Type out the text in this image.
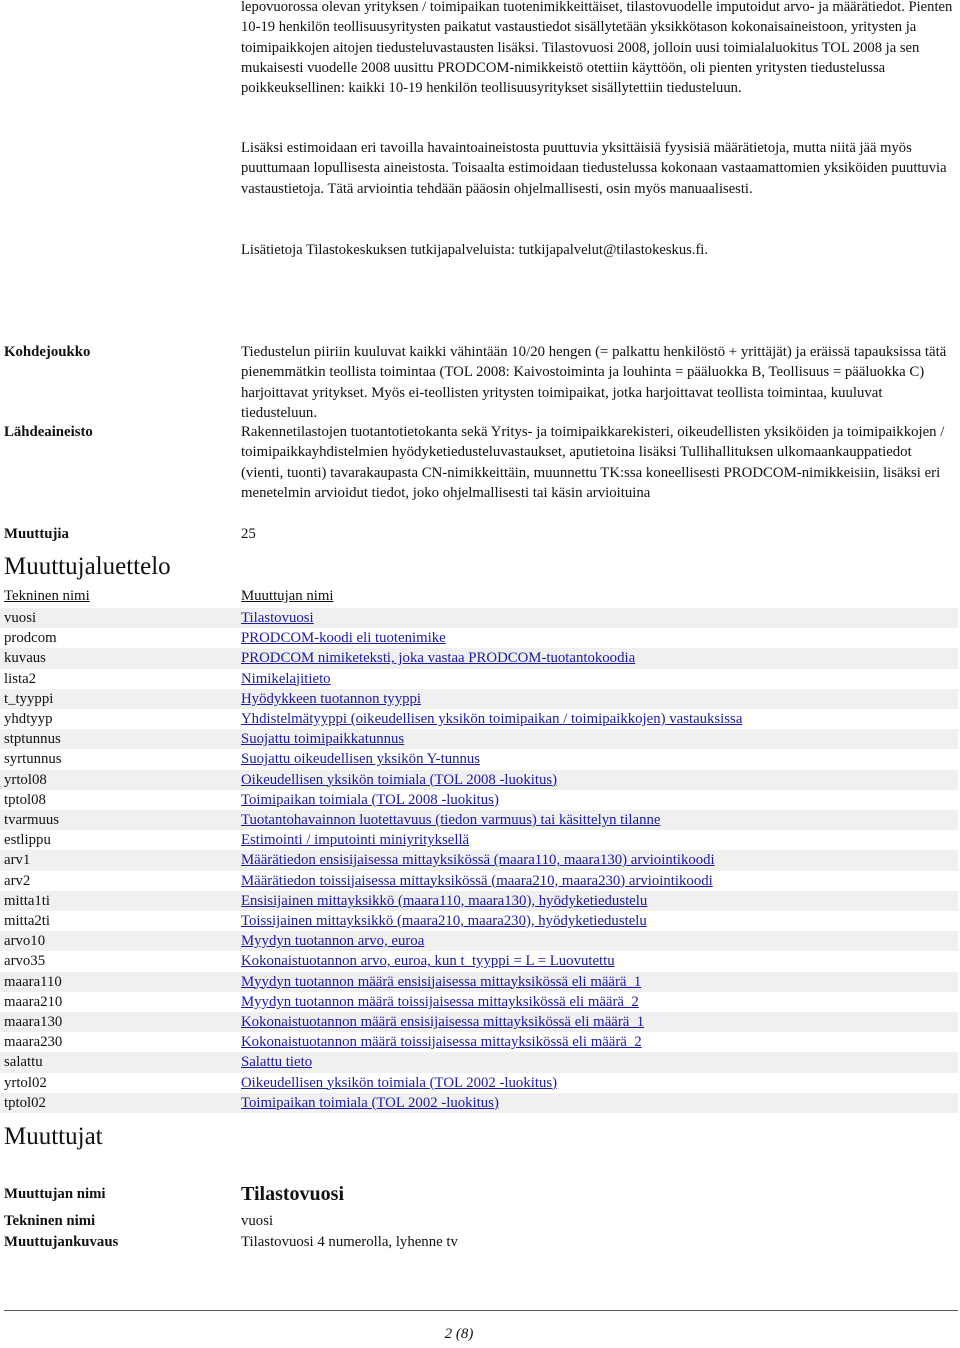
lepovuorossa olevan yrityksen / toimipaikan tuotenimikkeittäiset, tilastovuodelle imputoidut arvo- ja määrätiedot. Pienten 10-19 henkilön teollisuusyritysten paikatut vastaustiedot sisällytetään yksikkötason kokonaisaineistoon, yritysten ja toimipaikkojen aitojen tiedusteluvastausten lisäksi. Tilastovuosi 2008, jolloin uusi toimialaluokitus TOL 2008 ja sen mukaisesti vuodelle 2008 uusittu PRODCOM-nimikkeistö otettiin käyttöön, oli pienten yritysten tiedustelussa poikkeuksellinen: kaikki 10-19 henkilön teollisuusyritykset sisällytettiin tiedusteluun.

Lisäksi estimoidaan eri tavoilla havaintoaineistosta puuttuvia yksittäisiä fyysisiä määrätietoja, mutta niitä jää myös puuttumaan lopullisesta aineistosta. Toisaalta estimoidaan tiedustelussa kokonaan vastaamattomien yksiköiden puuttuvia vastaustietoja. Tätä arviointia tehdään pääosin ohjelmallisesti, osin myös manuaalisesti.

Lisätietoja Tilastokeskuksen tutkijapalveluista: tutkijapalvelut@tilastokeskus.fi.

Kohdejoukko	Tiedustelun piiriin kuuluvat kaikki vähintään 10/20 hengen (= palkattu henkilöstö + yrittäjät) ja eräissä tapauksissa tätä pienemmätkin teollista toimintaa (TOL 2008: Kaivostoiminta ja louhinta = pääluokka B, Teollisuus = pääluokka C) harjoittavat yritykset. Myös ei-teollisten yritysten toimipaikat, jotka harjoittavat teollista toimintaa, kuuluvat tiedusteluun.
Lähdeaineisto	Rakennetilastojen tuotantotietokanta sekä Yritys- ja toimipaikkarekisteri, oikeudellisten yksiköiden ja toimipaikkojen / toimipaikkayhdistelmien hyödyketiedusteluvastaukset, aputietoina lisäksi Tullihallituksen ulkomaankauppatiedot (vienti, tuonti) tavarakaupasta CN-nimikkeittäin, muunnettu TK:ssa koneellisesti PRODCOM-nimikkeisiin, lisäksi eri menetelmin arvioidut tiedot, joko ohjelmallisesti tai käsin arvioituina
Muuttujia	25
Muuttujaluettelo
Tekninen nimi	Muuttujan nimi
vuosi	Tilastovuosi
prodcom	PRODCOM-koodi eli tuotenimike
kuvaus	PRODCOM nimiketeksti, joka vastaa PRODCOM-tuotantokoodia
lista2	Nimikelajitieto
t_tyyppi	Hyödykkeen tuotannon tyyppi
yhdtyyp	Yhdistelmätyyppi (oikeudellisen yksikön toimipaikan / toimipaikkojen) vastauksissa
stptunnus	Suojattu toimipaikkatunnus
syrtunnus	Suojattu oikeudellisen yksikön Y-tunnus
yrtol08	Oikeudellisen yksikön toimiala (TOL 2008 -luokitus)
tptol08	Toimipaikan toimiala (TOL 2008 -luokitus)
tvarmuus	Tuotantohavainnon luotettavuus (tiedon varmuus) tai käsittelyn tilanne
estlippu	Estimointi / imputointi miniyrityksellä
arv1	Määrätiedon ensisijaisessa mittayksikössä (maara110, maara130) arviointikoodi
arv2	Määrätiedon toissijaisessa mittayksikössä (maara210, maara230) arviointikoodi
mitta1ti	Ensisijainen mittayksikkö (maara110, maara130), hyödyketiedustelu
mitta2ti	Toissijainen mittayksikkö (maara210, maara230), hyödyketiedustelu
arvo10	Myydyn tuotannon arvo, euroa
arvo35	Kokonaistuotannon arvo, euroa, kun t_tyyppi = L = Luovutettu
maara110	Myydyn tuotannon määrä ensisijaisessa mittayksikössä eli määrä_1
maara210	Myydyn tuotannon määrä toissijaisessa mittayksikössä eli määrä_2
maara130	Kokonaistuotannon määrä ensisijaisessa mittayksikössä eli määrä_1
maara230	Kokonaistuotannon määrä toissijaisessa mittayksikössä eli määrä_2
salattu	Salattu tieto
yrtol02	Oikeudellisen yksikön toimiala (TOL 2002 -luokitus)
tptol02	Toimipaikan toimiala (TOL 2002 -luokitus)
Muuttujat
Muuttujan nimi	Tilastovuosi
Tekninen nimi	vuosi
Muuttujankuvaus	Tilastovuosi 4 numerolla, lyhenne tv
2 (8)
